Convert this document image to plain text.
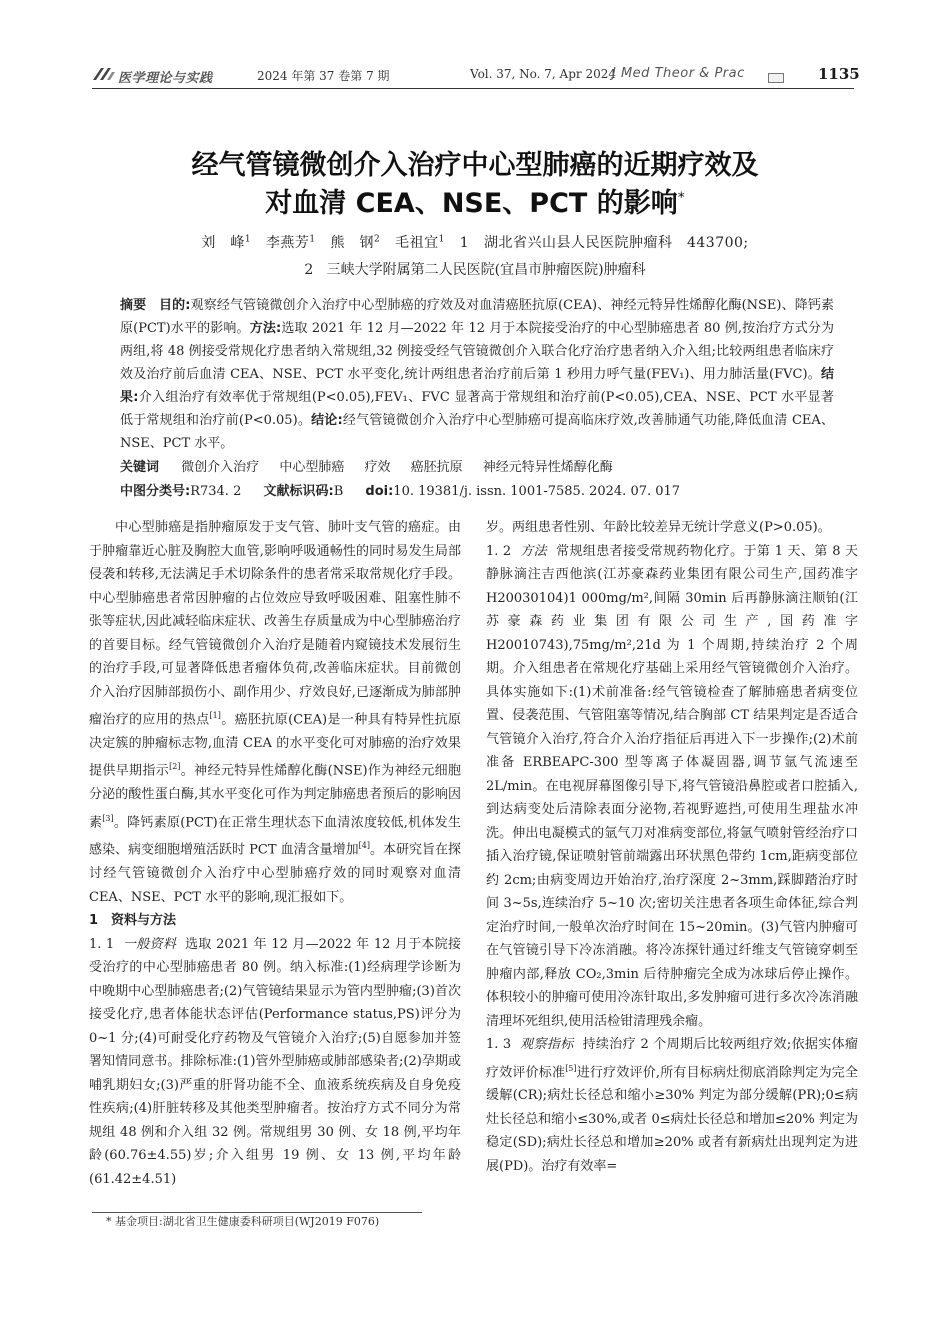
医学理论与实践	2024 年第 37 卷第 7 期	Vol. 37, No. 7, Apr 2024
J Med Theor & Prac	1135
经气管镜微创介入治疗中心型肺癌的近期疗效及
对血清 CEA、NSE、PCT 的影响*
刘　峰$^1$ 李燕芳$^1$ 熊　钢$^2$ 毛祖宜$^1$ 1 湖北省兴山县人民医院肿瘤科　443700;
2 三峡大学附属第二人民医院(宜昌市肿瘤医院)肿瘤科
摘要 目的:观察经气管镜微创介入治疗中心型肺癌的疗效及对血清癌胚抗原(CEA)、神经元特异性烯醇化酶(NSE)、降钙素原(PCT)水平的影响。方法:选取 2021 年 12 月—2022 年 12 月于本院接受治疗的中心型肺癌患者 80 例,按治疗方式分为两组,将 48 例接受常规化疗患者纳入常规组,32 例接受经气管镜微创介入联合化疗治疗患者纳入介入组;比较两组患者临床疗效及治疗前后血清 CEA、NSE、PCT 水平变化,统计两组患者治疗前后第 1 秒用力呼气量(FEV₁)、用力肺活量(FVC)。结果:介入组治疗有效率优于常规组(P<0.05),FEV₁、FVC 显著高于常规组和治疗前(P<0.05),CEA、NSE、PCT 水平显著低于常规组和治疗前(P<0.05)。结论:经气管镜微创介入治疗中心型肺癌可提高临床疗效,改善肺通气功能,降低血清 CEA、NSE、PCT 水平。
关键词 微创介入治疗 中心型肺癌 疗效 癌胚抗原 神经元特异性烯醇化酶
中图分类号:R734. 2 文献标识码:B doi:10. 19381/j. issn. 1001-7585. 2024. 07. 017

中心型肺癌是指肿瘤原发于支气管、肺叶支气管的癌症。由于肿瘤靠近心脏及胸腔大血管,影响呼吸通畅性的同时易发生局部侵袭和转移,无法满足手术切除条件的患者常采取常规化疗手段。中心型肺癌患者常因肿瘤的占位效应导致呼吸困难、阻塞性肺不张等症状,因此减轻临床症状、改善生存质量成为中心型肺癌治疗的首要目标。经气管镜微创介入治疗是随着内窥镜技术发展衍生的治疗手段,可显著降低患者瘤体负荷,改善临床症状。目前微创介入治疗因肺部损伤小、副作用少、疗效良好,已逐渐成为肺部肿瘤治疗的应用的热点[1]。癌胚抗原(CEA)是一种具有特异性抗原决定簇的肿瘤标志物,血清 CEA 的水平变化可对肺癌的治疗效果提供早期指示[2]。神经元特异性烯醇化酶(NSE)作为神经元细胞分泌的酸性蛋白酶,其水平变化可作为判定肺癌患者预后的影响因素[3]。降钙素原(PCT)在正常生理状态下血清浓度较低,机体发生感染、病变细胞增殖活跃时 PCT 血清含量增加[4]。本研究旨在探讨经气管镜微创介入治疗中心型肺癌疗效的同时观察对血清 CEA、NSE、PCT 水平的影响,现汇报如下。

1　资料与方法

1. 1 一般资料 选取 2021 年 12 月—2022 年 12 月于本院接受治疗的中心型肺癌患者 80 例。纳入标准:(1)经病理学诊断为中晚期中心型肺癌患者;(2)气管镜结果显示为管内型肿瘤;(3)首次接受化疗,患者体能状态评估(Performance status,PS)评分为 0~1 分;(4)可耐受化疗药物及气管镜介入治疗;(5)自愿参加并签署知情同意书。排除标准:(1)管外型肺癌或肺部感染者;(2)孕期或哺乳期妇女;(3)严重的肝肾功能不全、血液系统疾病及自身免疫性疾病;(4)肝脏转移及其他类型肿瘤者。按治疗方式不同分为常规组 48 例和介入组 32 例。常规组男 30 例、女 18 例,平均年龄(60.76±4.55)岁;介入组男 19 例、女 13 例,平均年龄(61.42±4.51)

岁。两组患者性别、年龄比较差异无统计学意义(P>0.05)。

1. 2 方法 常规组患者接受常规药物化疗。于第 1 天、第 8 天静脉滴注吉西他滨(江苏豪森药业集团有限公司生产,国药准字 H20030104)1 000mg/m²,间隔 30min 后再静脉滴注顺铂(江苏豪森药业集团有限公司生产,国药准字 H20010743),75mg/m²,21d 为 1 个周期,持续治疗 2 个周期。介入组患者在常规化疗基础上采用经气管镜微创介入治疗。具体实施如下:(1)术前准备:经气管镜检查了解肺癌患者病变位置、侵袭范围、气管阻塞等情况,结合胸部 CT 结果判定是否适合气管镜介入治疗,符合介入治疗指征后再进入下一步操作;(2)术前准备 ERBEAPC-300 型等离子体凝固器,调节氩气流速至 2L/min。在电视屏幕图像引导下,将气管镜沿鼻腔或者口腔插入,到达病变处后清除表面分泌物,若视野遮挡,可使用生理盐水冲洗。伸出电凝模式的氩气刀对准病变部位,将氩气喷射管经治疗口插入治疗镜,保证喷射管前端露出环状黑色带约 1cm,距病变部位约 2cm;由病变周边开始治疗,治疗深度 2~3mm,踩脚踏治疗时间 3~5s,连续治疗 5~10 次;密切关注患者各项生命体征,综合判定治疗时间,一般单次治疗时间在 15~20min。(3)气管内肿瘤可在气管镜引导下冷冻消融。将冷冻探针通过纤维支气管镜穿刺至肿瘤内部,释放 CO₂,3min 后待肿瘤完全成为冰球后停止操作。体积较小的肿瘤可使用冷冻针取出,多发肿瘤可进行多次冷冻消融清理坏死组织,使用活检钳清理残余瘤。

1. 3 观察指标 持续治疗 2 个周期后比较两组疗效;依据实体瘤疗效评价标准[5]进行疗效评价,所有目标病灶彻底消除判定为完全缓解(CR);病灶长径总和缩小≥30% 判定为部分缓解(PR);0≤病灶长径总和缩小≤30%,或者 0≤病灶长径总和增加≤20% 判定为稳定(SD);病灶长径总和增加≥20% 或者有新病灶出现判定为进展(PD)。治疗有效率=

* 基金项目:湖北省卫生健康委科研项目(WJ2019 F076)
